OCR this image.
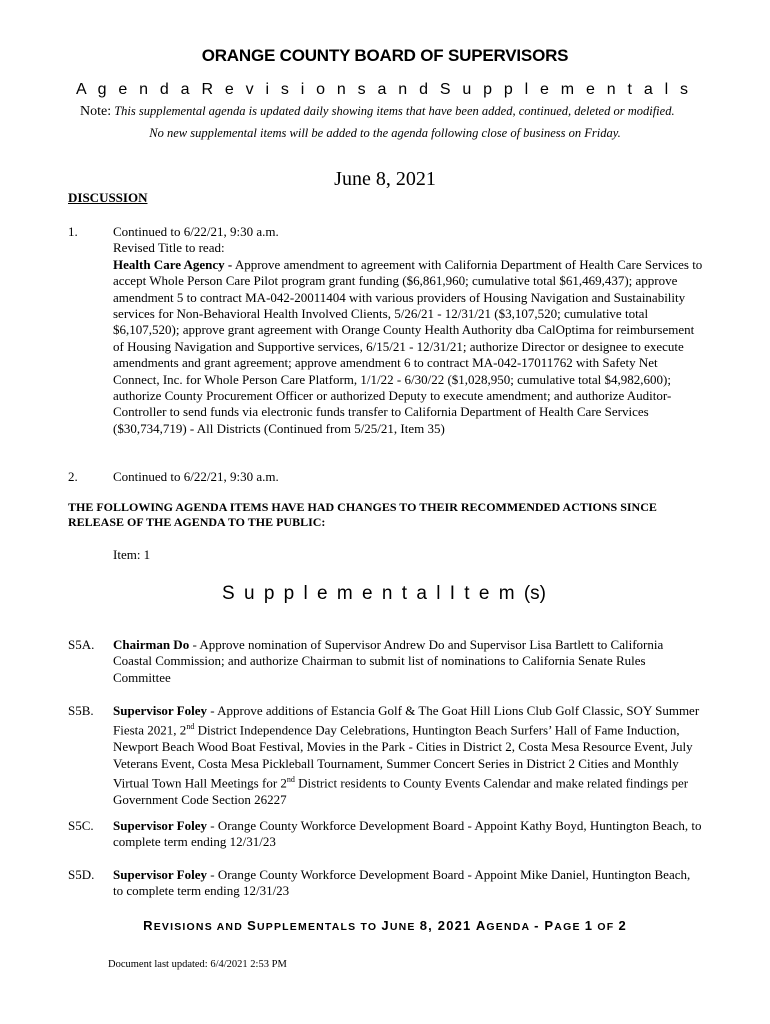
ORANGE COUNTY BOARD OF SUPERVISORS
A g e n d a R e v i s i o n s a n d S u p p l e m e n t a l s
Note: This supplemental agenda is updated daily showing items that have been added, continued, deleted or modified.
No new supplemental items will be added to the agenda following close of business on Friday.
June 8, 2021
DISCUSSION
1.	Continued to 6/22/21, 9:30 a.m.

Revised Title to read:

Health Care Agency - Approve amendment to agreement with California Department of Health Care Services to accept Whole Person Care Pilot program grant funding ($6,861,960; cumulative total $61,469,437); approve amendment 5 to contract MA-042-20011404 with various providers of Housing Navigation and Sustainability services for Non-Behavioral Health Involved Clients, 5/26/21 - 12/31/21 ($3,107,520; cumulative total $6,107,520); approve grant agreement with Orange County Health Authority dba CalOptima for reimbursement of Housing Navigation and Supportive services, 6/15/21 - 12/31/21; authorize Director or designee to execute amendments and grant agreement; approve amendment 6 to contract MA-042-17011762 with Safety Net Connect, Inc. for Whole Person Care Platform, 1/1/22 - 6/30/22 ($1,028,950; cumulative total $4,982,600); authorize County Procurement Officer or authorized Deputy to execute amendment; and authorize Auditor-Controller to send funds via electronic funds transfer to California Department of Health Care Services ($30,734,719) - All Districts (Continued from 5/25/21, Item 35)

2.	Continued to 6/22/21, 9:30 a.m.

THE FOLLOWING AGENDA ITEMS HAVE HAD CHANGES TO THEIR RECOMMENDED ACTIONS SINCE RELEASE OF THE AGENDA TO THE PUBLIC:
Item: 1
S u p p l e m e n t a l I t e m (s)
S5A.	Chairman Do - Approve nomination of Supervisor Andrew Do and Supervisor Lisa Bartlett to California Coastal Commission; and authorize Chairman to submit list of nominations to California Senate Rules Committee

S5B.	Supervisor Foley - Approve additions of Estancia Golf & The Goat Hill Lions Club Golf Classic, SOY Summer Fiesta 2021, 2nd District Independence Day Celebrations, Huntington Beach Surfers’ Hall of Fame Induction, Newport Beach Wood Boat Festival, Movies in the Park - Cities in District 2, Costa Mesa Resource Event, July Veterans Event, Costa Mesa Pickleball Tournament, Summer Concert Series in District 2 Cities and Monthly Virtual Town Hall Meetings for 2nd District residents to County Events Calendar and make related findings per Government Code Section 26227

S5C.	Supervisor Foley - Orange County Workforce Development Board - Appoint Kathy Boyd, Huntington Beach, to complete term ending 12/31/23

S5D.	Supervisor Foley - Orange County Workforce Development Board - Appoint Mike Daniel, Huntington Beach, to complete term ending 12/31/23

REVISIONS AND SUPPLEMENTALS TO JUNE 8, 2021 AGENDA - PAGE 1 OF 2
Document last updated: 6/4/2021 2:53 PM
